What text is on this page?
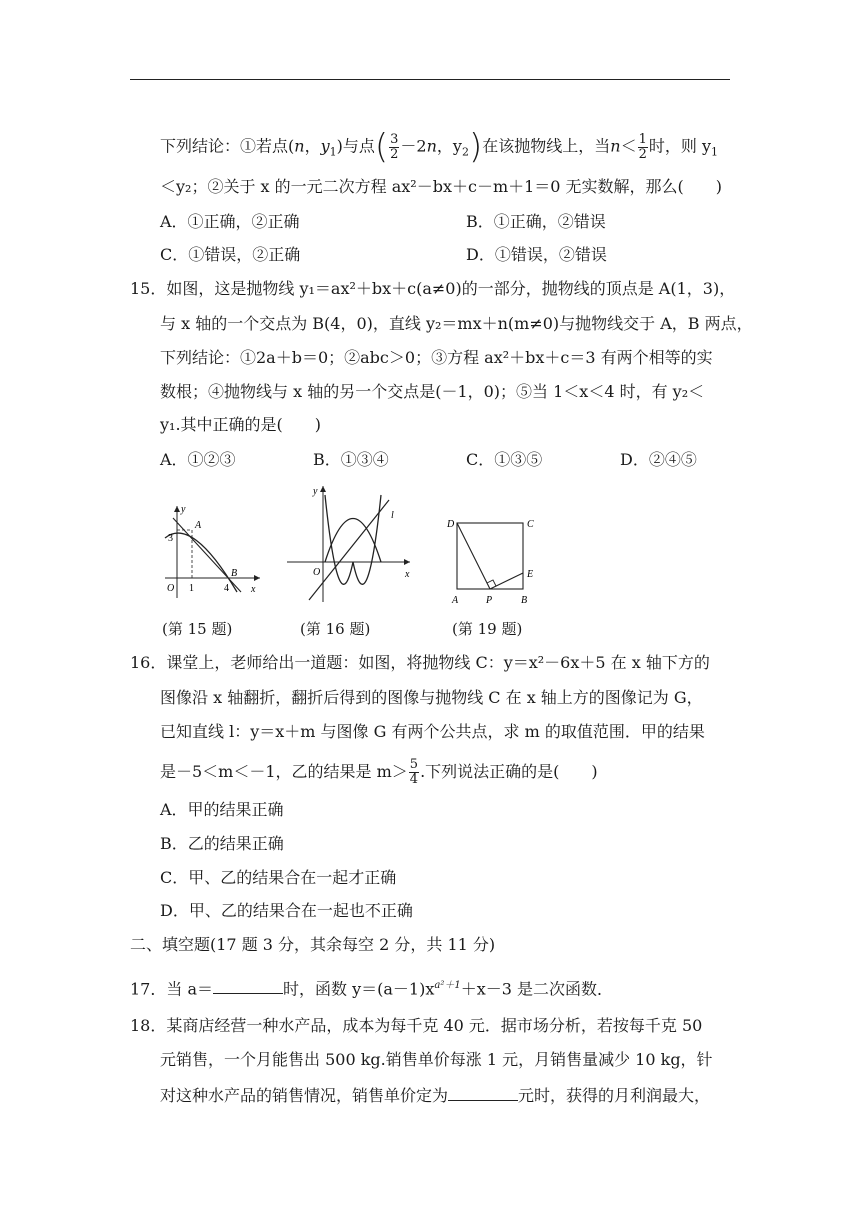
下列结论：①若点(n，$y_1$)与点( $\frac{3}{2} -2n$，$y_2$)在该抛物线上，当$n< \frac{1}{2}$ 时，则 $y_1$
＜y₂；②关于 x 的一元二次方程 ax²－bx＋c－m＋1＝0 无实数解，那么(　　)
A．①正确，②正确	B．①正确，②错误
C．①错误，②正确	D．①错误，②错误
15．如图，这是抛物线 y₁＝ax²＋bx＋c(a≠0)的一部分，抛物线的顶点是 A(1，3)，
与 x 轴的一个交点为 B(4，0)，直线 y₂＝mx＋n(m≠0)与抛物线交于 A，B 两点，
下列结论：①2a＋b＝0；②abc＞0；③方程 ax²＋bx＋c＝3 有两个相等的实
数根；④抛物线与 x 轴的另一个交点是(－1，0)；⑤当 1＜x＜4 时，有 y₂＜
y₁.其中正确的是(　　)
A．①②③	B．①③④	C．①③⑤	D．②④⑤
y
x
O
A
B
3
1	4
y
x
O
l
D	C
A	P	B
E
(第 15 题)	(第 16 题)	(第 19 题)
16．课堂上，老师给出一道题：如图，将抛物线 C：y＝x²－6x＋5 在 x 轴下方的
图像沿 x 轴翻折，翻折后得到的图像与抛物线 C 在 x 轴上方的图像记为 G，
已知直线 l：y＝x＋m 与图像 G 有两个公共点，求 m 的取值范围．甲的结果
是－5＜m＜－1，乙的结果是 $m> \frac{5}{4}$ .下列说法正确的是(　　)
A．甲的结果正确
B．乙的结果正确
C．甲、乙的结果合在一起才正确
D．甲、乙的结果合在一起也不正确
二、填空题(17 题 3 分，其余每空 2 分，共 11 分)
17．当 a＝	时，函数 $y=(a-1)x^{a^2+1}+x-3$ 是二次函数．
18．某商店经营一种水产品，成本为每千克 40 元．据市场分析，若按每千克 50
元销售，一个月能售出 500 kg.销售单价每涨 1 元，月销售量减少 10 kg，针
对这种水产品的销售情况，销售单价定为	元时，获得的月利润最大，
